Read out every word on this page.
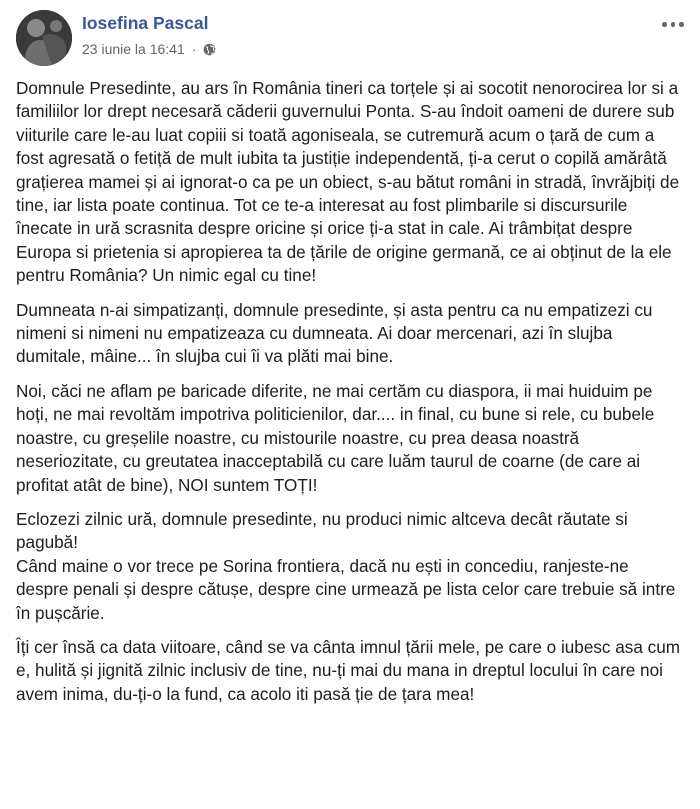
Iosefina Pascal
23 iunie la 16:41 ·

Domnule Presedinte, au ars în România tineri ca torțele și ai socotit nenorocirea lor si a familiilor lor drept necesară căderii guvernului Ponta. S-au îndoit oameni de durere sub viiturile care le-au luat copiii si toată agoniseala, se cutremură acum o țară de cum a fost agresată o fetiță de mult iubita ta justiție independentă, ți-a cerut o copilă amărâtă grațierea mamei și ai ignorat-o ca pe un obiect, s-au bătut români in stradă, învrăjbiți de tine, iar lista poate continua. Tot ce te-a interesat au fost plimbarile si discursurile înecate in ură scrasnita despre oricine și orice ți-a stat in cale. Ai trâmbițat despre Europa si prietenia si apropierea ta de țările de origine germană, ce ai obținut de la ele pentru România? Un nimic egal cu tine!

Dumneata n-ai simpatizanți, domnule presedinte, și asta pentru ca nu empatizezi cu nimeni si nimeni nu empatizeaza cu dumneata. Ai doar mercenari, azi în slujba dumitale, mâine... în slujba cui îi va plăti mai bine.

Noi, căci ne aflam pe baricade diferite, ne mai certăm cu diaspora, ii mai huiduim pe hoți, ne mai revoltăm impotriva politicienilor, dar.... in final, cu bune si rele, cu bubele noastre, cu greșelile noastre, cu mistourile noastre, cu prea deasa noastră neseriozitate, cu greutatea inacceptabilă cu care luăm taurul de coarne (de care ai profitat atât de bine), NOI suntem TOȚI!

Eclozezi zilnic ură, domnule presedinte, nu produci nimic altceva decât răutate si pagubă!
Când maine o vor trece pe Sorina frontiera, dacă nu ești in concediu, ranjeste-ne despre penali și despre cătușe, despre cine urmează pe lista celor care trebuie să intre în pușcărie.

Îți cer însă ca data viitoare, când se va cânta imnul țării mele, pe care o iubesc asa cum e, hulită și jignită zilnic inclusiv de tine, nu-ți mai du mana in dreptul locului în care noi avem inima, du-ți-o la fund, ca acolo iti pasă ție de țara mea!
